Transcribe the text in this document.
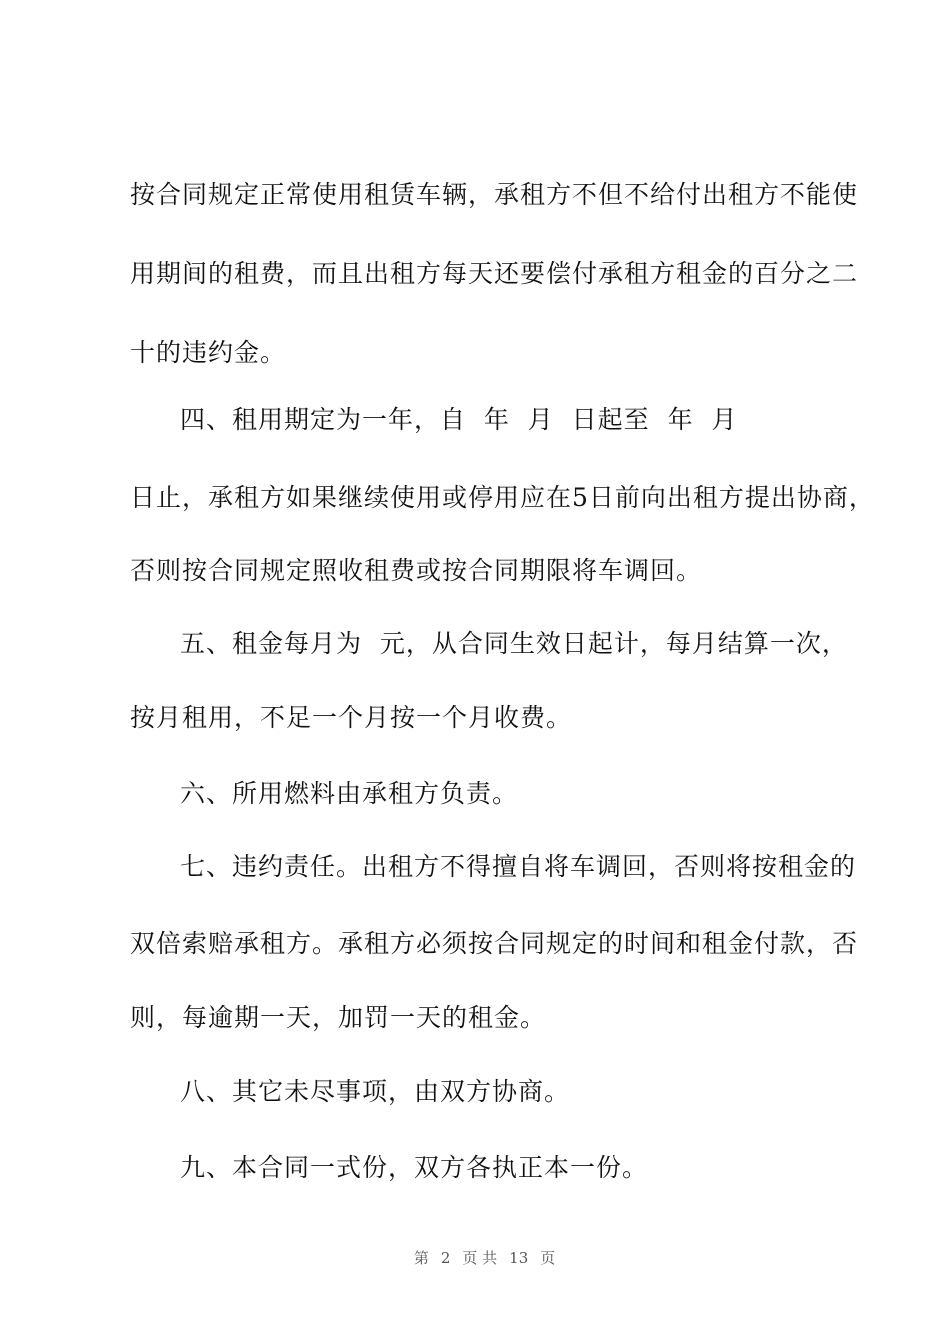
按合同规定正常使用租赁车辆，承租方不但不给付出租方不能使
用期间的租费，而且出租方每天还要偿付承租方租金的百分之二
十的违约金。
四、租用期定为一年，自  年  月  日起至  年  月
日止，承租方如果继续使用或停用应在5日前向出租方提出协商，
否则按合同规定照收租费或按合同期限将车调回。
五、租金每月为  元，从合同生效日起计，每月结算一次，
按月租用，不足一个月按一个月收费。
六、所用燃料由承租方负责。
七、违约责任。出租方不得擅自将车调回，否则将按租金的
双倍索赔承租方。承租方必须按合同规定的时间和租金付款，否
则，每逾期一天，加罚一天的租金。
八、其它未尽事项，由双方协商。
九、本合同一式份，双方各执正本一份。

第 2 页 共 13 页
